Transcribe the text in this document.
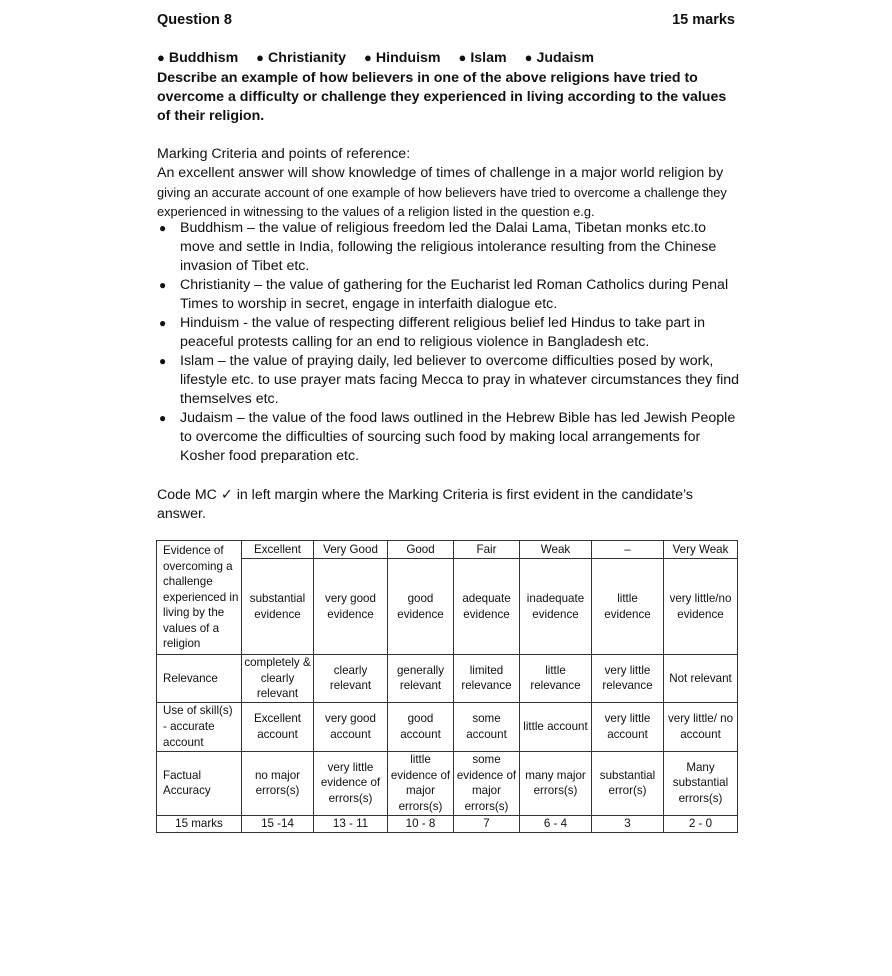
Question 8	15 marks
● Buddhism ● Christianity ● Hinduism ● Islam ● Judaism
Describe an example of how believers in one of the above religions have tried to overcome a difficulty or challenge they experienced in living according to the values of their religion.
Marking Criteria and points of reference:
An excellent answer will show knowledge of times of challenge in a major world religion by
giving an accurate account of one example of how believers have tried to overcome a challenge they experienced in witnessing to the values of a religion listed in the question e.g.
● Buddhism – the value of religious freedom led the Dalai Lama, Tibetan monks etc.to move and settle in India, following the religious intolerance resulting from the Chinese invasion of Tibet etc.
● Christianity – the value of gathering for the Eucharist led Roman Catholics during Penal Times to worship in secret, engage in interfaith dialogue etc.
● Hinduism - the value of respecting different religious belief led Hindus to take part in peaceful protests calling for an end to religious violence in Bangladesh etc.
● Islam – the value of praying daily, led believer to overcome difficulties posed by work, lifestyle etc. to use prayer mats facing Mecca to pray in whatever circumstances they find themselves etc.
● Judaism – the value of the food laws outlined in the Hebrew Bible has led Jewish People to overcome the difficulties of sourcing such food by making local arrangements for Kosher food preparation etc.
Code MC ✓ in left margin where the Marking Criteria is first evident in the candidate’s answer.
Evidence of overcoming a challenge experienced in living by the values of a religion	Excellent	Very Good	Good	Fair	Weak	–	Very Weak
	substantial evidence	very good evidence	good evidence	adequate evidence	inadequate evidence	little evidence	very little/no evidence
Relevance	completely & clearly relevant	clearly relevant	generally relevant	limited relevance	little relevance	very little relevance	Not relevant
Use of skill(s) - accurate account	Excellent account	very good account	good account	some account	little account	very little account	very little/ no account
Factual Accuracy	no major errors(s)	very little evidence of errors(s)	little evidence of major errors(s)	some evidence of major errors(s)	many major errors(s)	substantial error(s)	Many substantial errors(s)
15 marks	15 -14	13 - 11	10 - 8	7	6 - 4	3	2 - 0
